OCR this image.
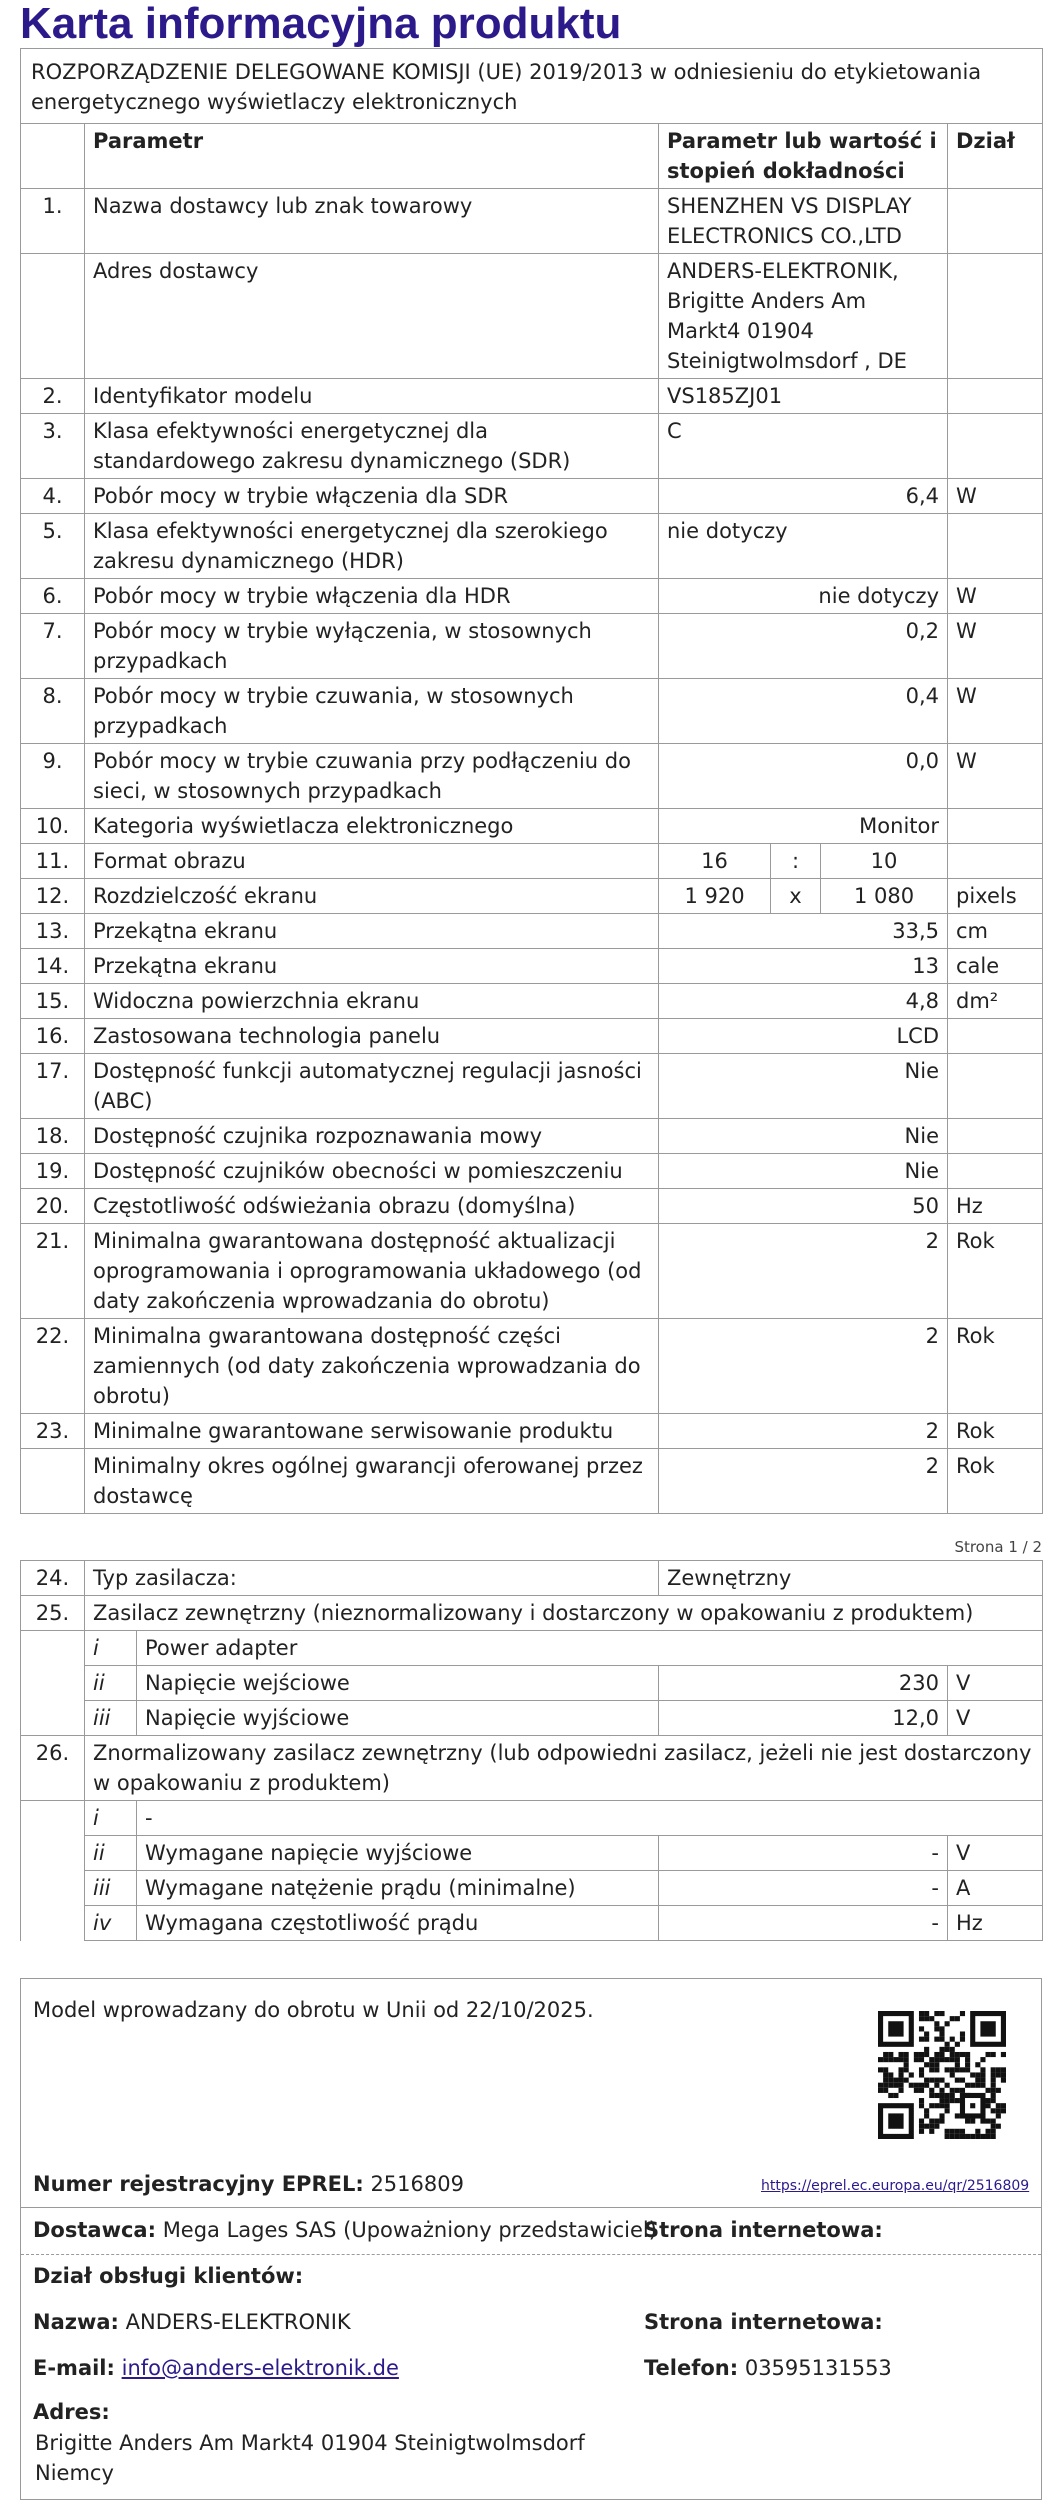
Karta informacyjna produktu
ROZPORZĄDZENIE DELEGOWANE KOMISJI (UE) 2019/2013 w odniesieniu do etykietowania energetycznego wyświetlaczy elektronicznych					
	Parametr	Parametr lub wartość i stopień dokładności			Dział
1.	Nazwa dostawcy lub znak towarowy	SHENZHEN VS DISPLAY ELECTRONICS CO.,LTD			
	Adres dostawcy	ANDERS-ELEKTRONIK, Brigitte Anders Am Markt4 01904 Steinigtwolmsdorf , DE			
2.	Identyfikator modelu	VS185ZJ01			
3.	Klasa efektywności energetycznej dla standardowego zakresu dynamicznego (SDR)	C			
4.	Pobór mocy w trybie włączenia dla SDR	6,4			W
5.	Klasa efektywności energetycznej dla szerokiego zakresu dynamicznego (HDR)	nie dotyczy			
6.	Pobór mocy w trybie włączenia dla HDR	nie dotyczy			W
7.	Pobór mocy w trybie wyłączenia, w stosownych przypadkach	0,2			W
8.	Pobór mocy w trybie czuwania, w stosownych przypadkach	0,4			W
9.	Pobór mocy w trybie czuwania przy podłączeniu do sieci, w stosownych przypadkach	0,0			W
10.	Kategoria wyświetlacza elektronicznego	Monitor			
11.	Format obrazu	16	:	10	
12.	Rozdzielczość ekranu	1 920	x	1 080	pixels
13.	Przekątna ekranu	33,5			cm
14.	Przekątna ekranu	13			cale
15.	Widoczna powierzchnia ekranu	4,8			dm²
16.	Zastosowana technologia panelu	LCD			
17.	Dostępność funkcji automatycznej regulacji jasności (ABC)	Nie			
18.	Dostępność czujnika rozpoznawania mowy	Nie			
19.	Dostępność czujników obecności w pomieszczeniu	Nie			
20.	Częstotliwość odświeżania obrazu (domyślna)	50			Hz
21.	Minimalna gwarantowana dostępność aktualizacji oprogramowania i oprogramowania układowego (od daty zakończenia wprowadzania do obrotu)	2			Rok
22.	Minimalna gwarantowana dostępność części zamiennych (od daty zakończenia wprowadzania do obrotu)	2			Rok
23.	Minimalne gwarantowane serwisowanie produktu	2			Rok
	Minimalny okres ogólnej gwarancji oferowanej przez dostawcę	2			Rok
Strona 1 / 2
24.	Typ zasilacza:		Zewnętrzny	
25.	Zasilacz zewnętrzny (nieznormalizowany i dostarczony w opakowaniu z produktem)			
	i	Power adapter		
	ii	Napięcie wejściowe	230	V
	iii	Napięcie wyjściowe	12,0	V
26.	Znormalizowany zasilacz zewnętrzny (lub odpowiedni zasilacz, jeżeli nie jest dostarczony w opakowaniu z produktem)			
	i	-		
	ii	Wymagane napięcie wyjściowe	-	V
	iii	Wymagane natężenie prądu (minimalne)	-	A
	iv	Wymagana częstotliwość prądu	-	Hz
Model wprowadzany do obrotu w Unii od 22/10/2025.
Numer rejestracyjny EPREL: 2516809	https://eprel.ec.europa.eu/qr/2516809
Dostawca: Mega Lages SAS (Upoważniony przedstawiciel)
Strona internetowa:
Dział obsługi klientów:
Nazwa: ANDERS-ELEKTRONIK	Strona internetowa:
E-mail: info@anders-elektronik.de	Telefon: 03595131553
Adres:
Brigitte Anders Am Markt4 01904 Steinigtwolmsdorf
Niemcy
